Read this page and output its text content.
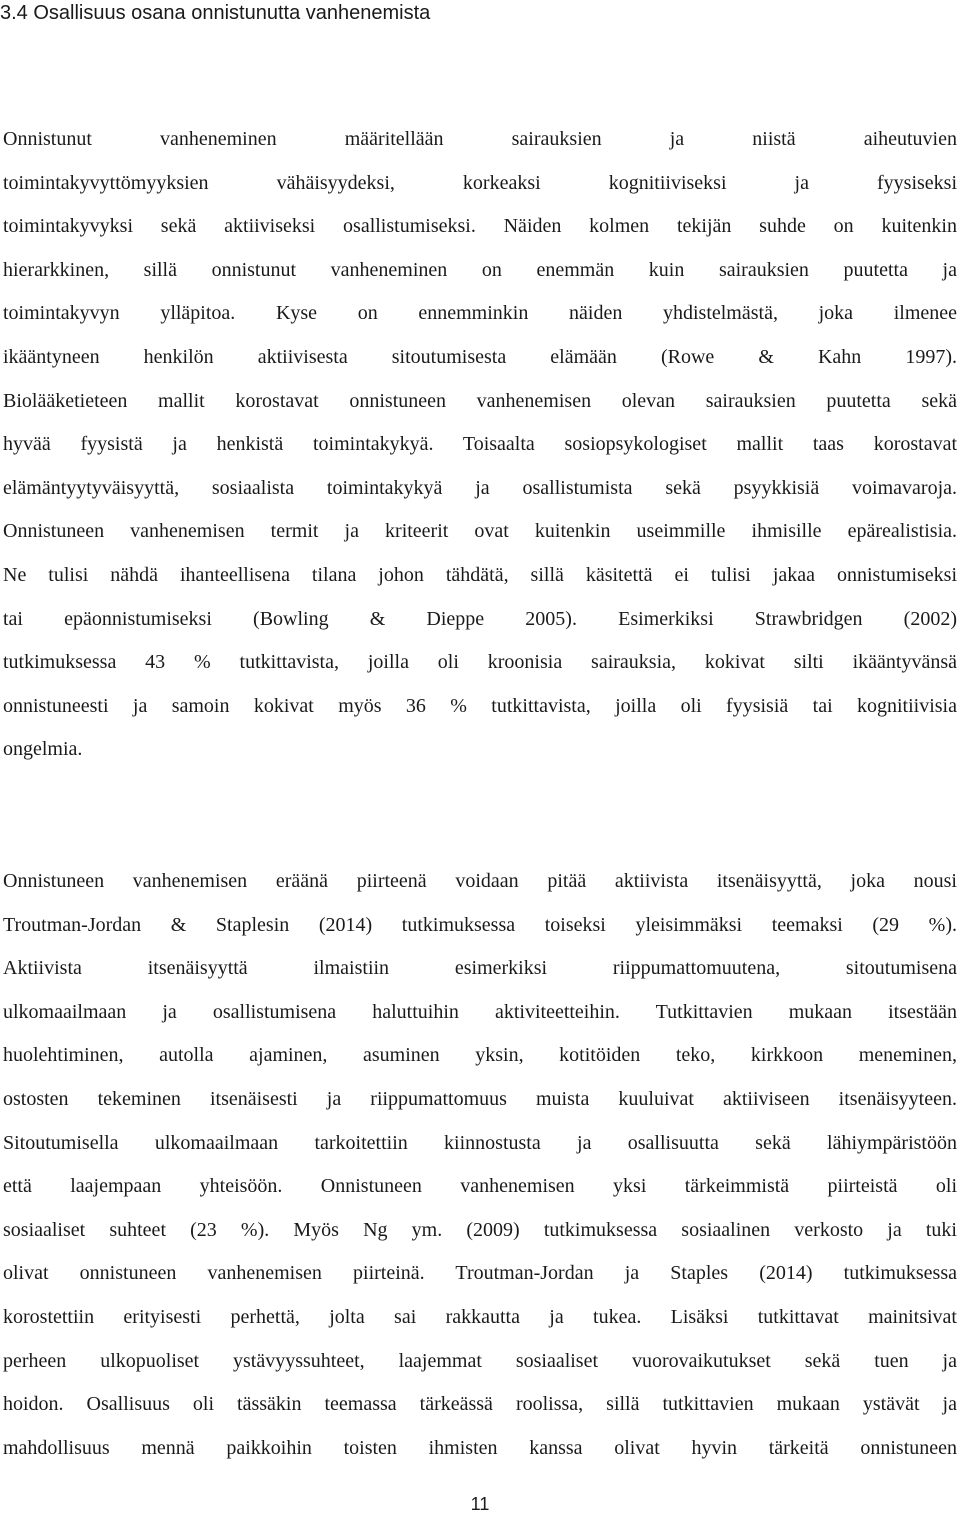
3.4 Osallisuus osana onnistunutta vanhenemista
Onnistunut vanheneminen määritellään sairauksien ja niistä aiheutuvien
toimintakyvyttömyyksien vähäisyydeksi, korkeaksi kognitiiviseksi ja fyysiseksi
toimintakyvyksi sekä aktiiviseksi osallistumiseksi. Näiden kolmen tekijän suhde on kuitenkin
hierarkkinen, sillä onnistunut vanheneminen on enemmän kuin sairauksien puutetta ja
toimintakyvyn ylläpitoa. Kyse on ennemminkin näiden yhdistelmästä, joka ilmenee
ikääntyneen henkilön aktiivisesta sitoutumisesta elämään (Rowe & Kahn 1997).
Biolääketieteen mallit korostavat onnistuneen vanhenemisen olevan sairauksien puutetta sekä
hyvää fyysistä ja henkistä toimintakykyä. Toisaalta sosiopsykologiset mallit taas korostavat
elämäntyytyväisyyttä, sosiaalista toimintakykyä ja osallistumista sekä psyykkisiä voimavaroja.
Onnistuneen vanhenemisen termit ja kriteerit ovat kuitenkin useimmille ihmisille epärealistisia.
Ne tulisi nähdä ihanteellisena tilana johon tähdätä, sillä käsitettä ei tulisi jakaa onnistumiseksi
tai epäonnistumiseksi (Bowling & Dieppe 2005). Esimerkiksi Strawbridgen (2002)
tutkimuksessa 43 % tutkittavista, joilla oli kroonisia sairauksia, kokivat silti ikääntyvänsä
onnistuneesti ja samoin kokivat myös 36 % tutkittavista, joilla oli fyysisiä tai kognitiivisia
ongelmia.
Onnistuneen vanhenemisen eräänä piirteenä voidaan pitää aktiivista itsenäisyyttä, joka nousi
Troutman-Jordan & Staplesin (2014) tutkimuksessa toiseksi yleisimmäksi teemaksi (29 %).
Aktiivista itsenäisyyttä ilmaistiin esimerkiksi riippumattomuutena, sitoutumisena
ulkomaailmaan ja osallistumisena haluttuihin aktiviteetteihin. Tutkittavien mukaan itsestään
huolehtiminen, autolla ajaminen, asuminen yksin, kotitöiden teko, kirkkoon meneminen,
ostosten tekeminen itsenäisesti ja riippumattomuus muista kuuluivat aktiiviseen itsenäisyyteen.
Sitoutumisella ulkomaailmaan tarkoitettiin kiinnostusta ja osallisuutta sekä lähiympäristöön
että laajempaan yhteisöön. Onnistuneen vanhenemisen yksi tärkeimmistä piirteistä oli
sosiaaliset suhteet (23 %). Myös Ng ym. (2009) tutkimuksessa sosiaalinen verkosto ja tuki
olivat onnistuneen vanhenemisen piirteinä. Troutman-Jordan ja Staples (2014) tutkimuksessa
korostettiin erityisesti perhettä, jolta sai rakkautta ja tukea. Lisäksi tutkittavat mainitsivat
perheen ulkopuoliset ystävyyssuhteet, laajemmat sosiaaliset vuorovaikutukset sekä tuen ja
hoidon. Osallisuus oli tässäkin teemassa tärkeässä roolissa, sillä tutkittavien mukaan ystävät ja
mahdollisuus mennä paikkoihin toisten ihmisten kanssa olivat hyvin tärkeitä onnistuneen
11
